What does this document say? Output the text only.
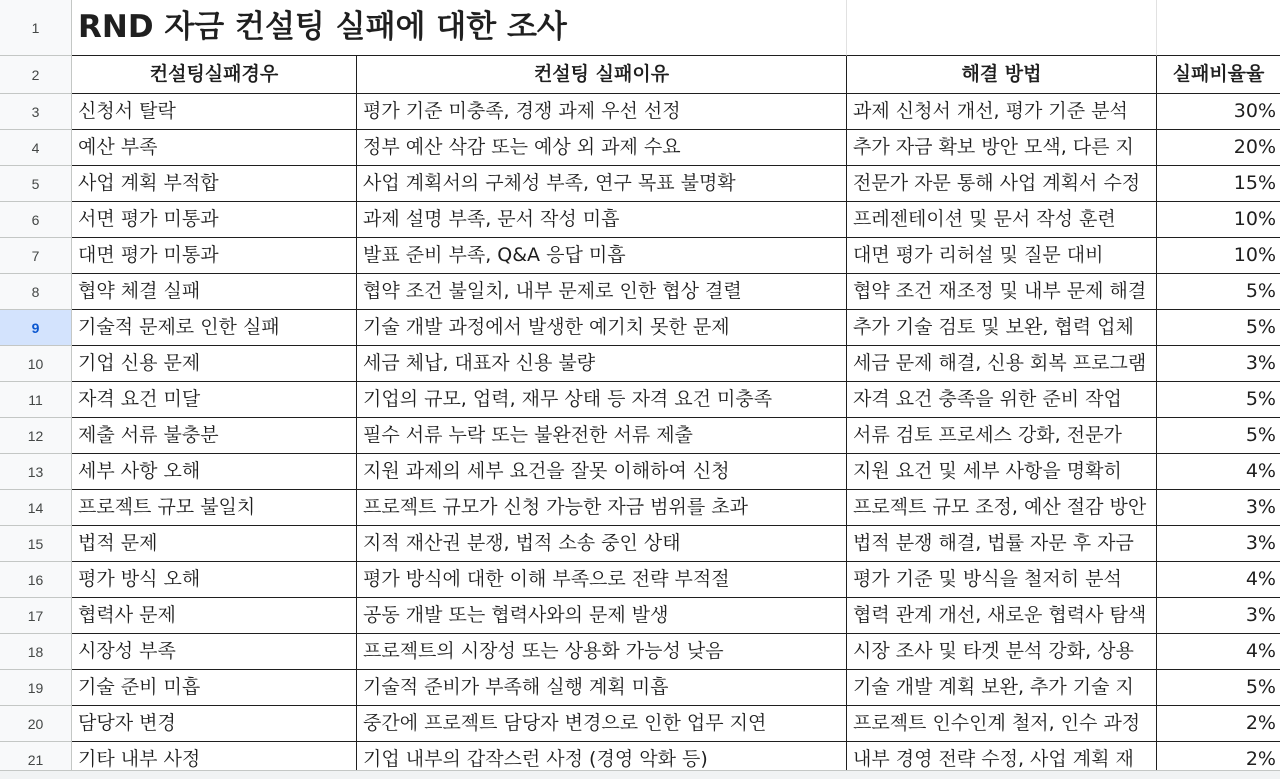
1	RND 자금 컨설팅 실패에 대한 조사
2	컨설팅실패경우	컨설팅 실패이유	해결 방법	실패비율율
3	신청서 탈락	평가 기준 미충족, 경쟁 과제 우선 선정	과제 신청서 개선, 평가 기준 분석	30%
4	예산 부족	정부 예산 삭감 또는 예상 외 과제 수요	추가 자금 확보 방안 모색, 다른 지	20%
5	사업 계획 부적합	사업 계획서의 구체성 부족, 연구 목표 불명확	전문가 자문 통해 사업 계획서 수정	15%
6	서면 평가 미통과	과제 설명 부족, 문서 작성 미흡	프레젠테이션 및 문서 작성 훈련	10%
7	대면 평가 미통과	발표 준비 부족, Q&A 응답 미흡	대면 평가 리허설 및 질문 대비	10%
8	협약 체결 실패	협약 조건 불일치, 내부 문제로 인한 협상 결렬	협약 조건 재조정 및 내부 문제 해결	5%
9	기술적 문제로 인한 실패	기술 개발 과정에서 발생한 예기치 못한 문제	추가 기술 검토 및 보완, 협력 업체	5%
10	기업 신용 문제	세금 체납, 대표자 신용 불량	세금 문제 해결, 신용 회복 프로그램	3%
11	자격 요건 미달	기업의 규모, 업력, 재무 상태 등 자격 요건 미충족	자격 요건 충족을 위한 준비 작업	5%
12	제출 서류 불충분	필수 서류 누락 또는 불완전한 서류 제출	서류 검토 프로세스 강화, 전문가	5%
13	세부 사항 오해	지원 과제의 세부 요건을 잘못 이해하여 신청	지원 요건 및 세부 사항을 명확히	4%
14	프로젝트 규모 불일치	프로젝트 규모가 신청 가능한 자금 범위를 초과	프로젝트 규모 조정, 예산 절감 방안	3%
15	법적 문제	지적 재산권 분쟁, 법적 소송 중인 상태	법적 분쟁 해결, 법률 자문 후 자금	3%
16	평가 방식 오해	평가 방식에 대한 이해 부족으로 전략 부적절	평가 기준 및 방식을 철저히 분석	4%
17	협력사 문제	공동 개발 또는 협력사와의 문제 발생	협력 관계 개선, 새로운 협력사 탐색	3%
18	시장성 부족	프로젝트의 시장성 또는 상용화 가능성 낮음	시장 조사 및 타겟 분석 강화, 상용	4%
19	기술 준비 미흡	기술적 준비가 부족해 실행 계획 미흡	기술 개발 계획 보완, 추가 기술 지	5%
20	담당자 변경	중간에 프로젝트 담당자 변경으로 인한 업무 지연	프로젝트 인수인계 철저, 인수 과정	2%
21	기타 내부 사정	기업 내부의 갑작스런 사정 (경영 악화 등)	내부 경영 전략 수정, 사업 계획 재	2%
